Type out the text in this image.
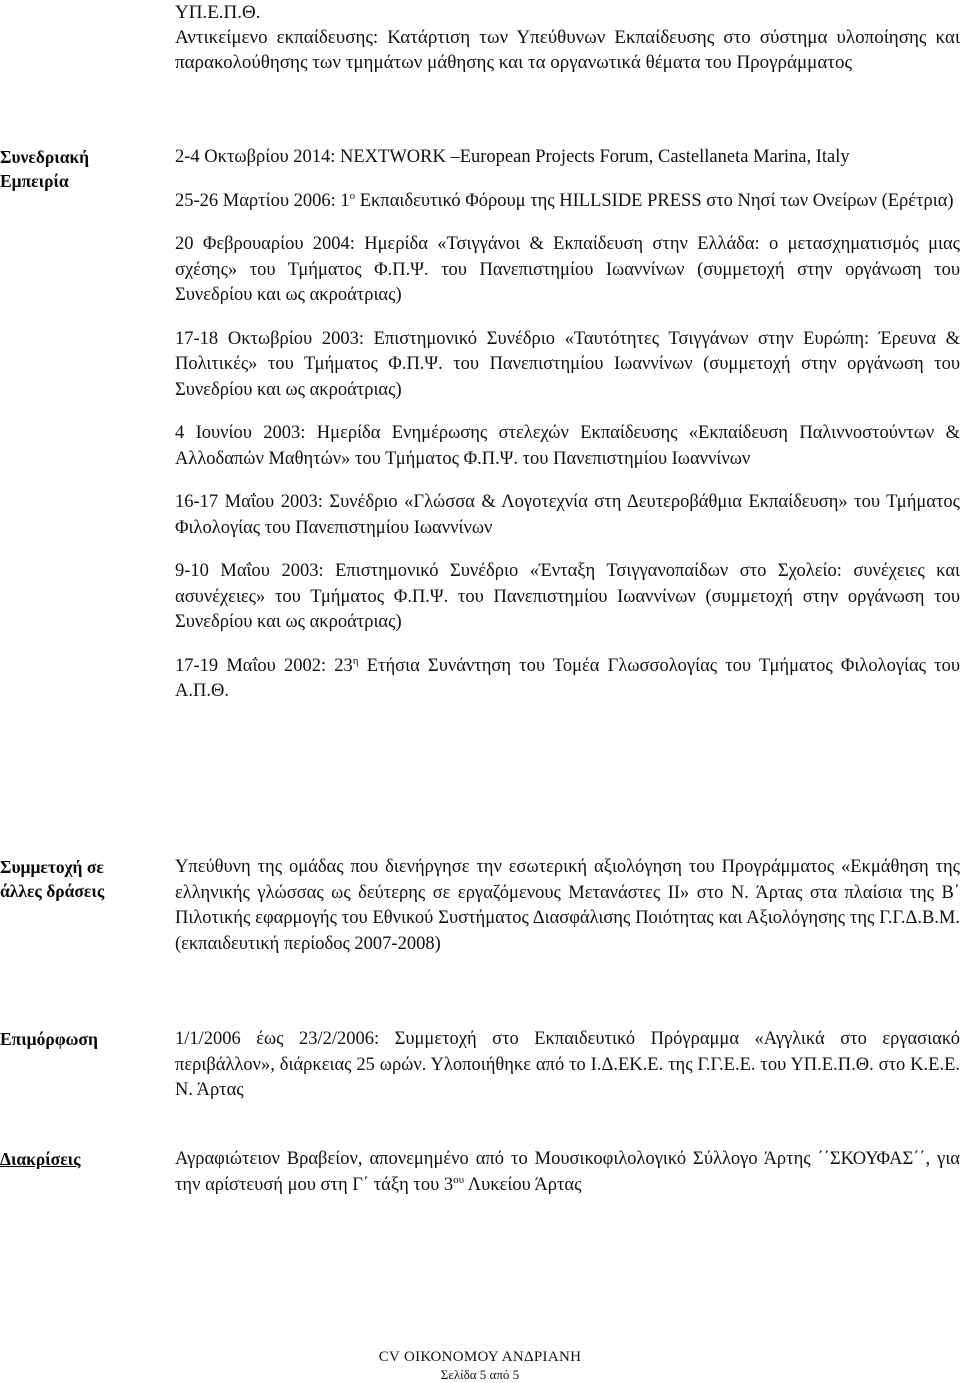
ΥΠ.Ε.Π.Θ.
Αντικείμενο εκπαίδευσης: Κατάρτιση των Υπεύθυνων Εκπαίδευσης στο σύστημα υλοποίησης και παρακολούθησης των τμημάτων μάθησης και τα οργανωτικά θέματα του Προγράμματος
Συνεδριακή Εμπειρία
2-4 Οκτωβρίου 2014: NEXTWORK –European Projects Forum, Castellaneta Marina, Italy
25-26 Μαρτίου 2006: $1^o$ Εκπαιδευτικό Φόρουμ της HILLSIDE PRESS στο Νησί των Ονείρων (Ερέτρια)
20 Φεβρουαρίου 2004: Ημερίδα «Τσιγγάνοι & Εκπαίδευση στην Ελλάδα: ο μετασχηματισμός μιας σχέσης» του Τμήματος Φ.Π.Ψ. του Πανεπιστημίου Ιωαννίνων (συμμετοχή στην οργάνωση του Συνεδρίου και ως ακροάτριας)
17-18 Οκτωβρίου 2003: Επιστημονικό Συνέδριο «Ταυτότητες Τσιγγάνων στην Ευρώπη: Έρευνα & Πολιτικές» του Τμήματος Φ.Π.Ψ. του Πανεπιστημίου Ιωαννίνων (συμμετοχή στην οργάνωση του Συνεδρίου και ως ακροάτριας)
4 Ιουνίου 2003: Ημερίδα Ενημέρωσης στελεχών Εκπαίδευσης «Εκπαίδευση Παλιννοστούντων & Αλλοδαπών Μαθητών» του Τμήματος Φ.Π.Ψ. του Πανεπιστημίου Ιωαννίνων
16-17 Μαΐου 2003: Συνέδριο «Γλώσσα & Λογοτεχνία στη Δευτεροβάθμια Εκπαίδευση» του Τμήματος Φιλολογίας του Πανεπιστημίου Ιωαννίνων
9-10 Μαΐου 2003: Επιστημονικό Συνέδριο «Ένταξη Τσιγγανοπαίδων στο Σχολείο: συνέχειες και ασυνέχειες» του Τμήματος Φ.Π.Ψ. του Πανεπιστημίου Ιωαννίνων (συμμετοχή στην οργάνωση του Συνεδρίου και ως ακροάτριας)
17-19 Μαΐου 2002: $23^\eta$ Ετήσια Συνάντηση του Τομέα Γλωσσολογίας του Τμήματος Φιλολογίας του Α.Π.Θ.
Συμμετοχή σε άλλες δράσεις
Υπεύθυνη της ομάδας που διενήργησε την εσωτερική αξιολόγηση του Προγράμματος «Εκμάθηση της ελληνικής γλώσσας ως δεύτερης σε εργαζόμενους Μετανάστες ΙΙ» στο Ν. Άρτας στα πλαίσια της Β΄ Πιλοτικής εφαρμογής του Εθνικού Συστήματος Διασφάλισης Ποιότητας και Αξιολόγησης της Γ.Γ.Δ.Β.Μ. (εκπαιδευτική περίοδος 2007-2008)
Επιμόρφωση	1/1/2006 έως 23/2/2006: Συμμετοχή στο Εκπαιδευτικό Πρόγραμμα «Αγγλικά στο εργασιακό περιβάλλον», διάρκειας 25 ωρών. Υλοποιήθηκε από το Ι.Δ.ΕΚ.Ε. της Γ.Γ.Ε.Ε. του ΥΠ.Ε.Π.Θ. στο Κ.Ε.Ε. Ν. Άρτας
Διακρίσεις	Αγραφιώτειον Βραβείον, απονεμημένο από το Μουσικοφιλολογικό Σύλλογο Άρτης ΄΄ΣΚΟΥΦΑΣ΄΄, για την αρίστευσή μου στη Γ΄ τάξη του $3^{o\upsilon}$ Λυκείου Άρτας
CV ΟΙΚΟΝΟΜΟΥ ΑΝΔΡΙΑΝΗ
Σελίδα 5 από 5
